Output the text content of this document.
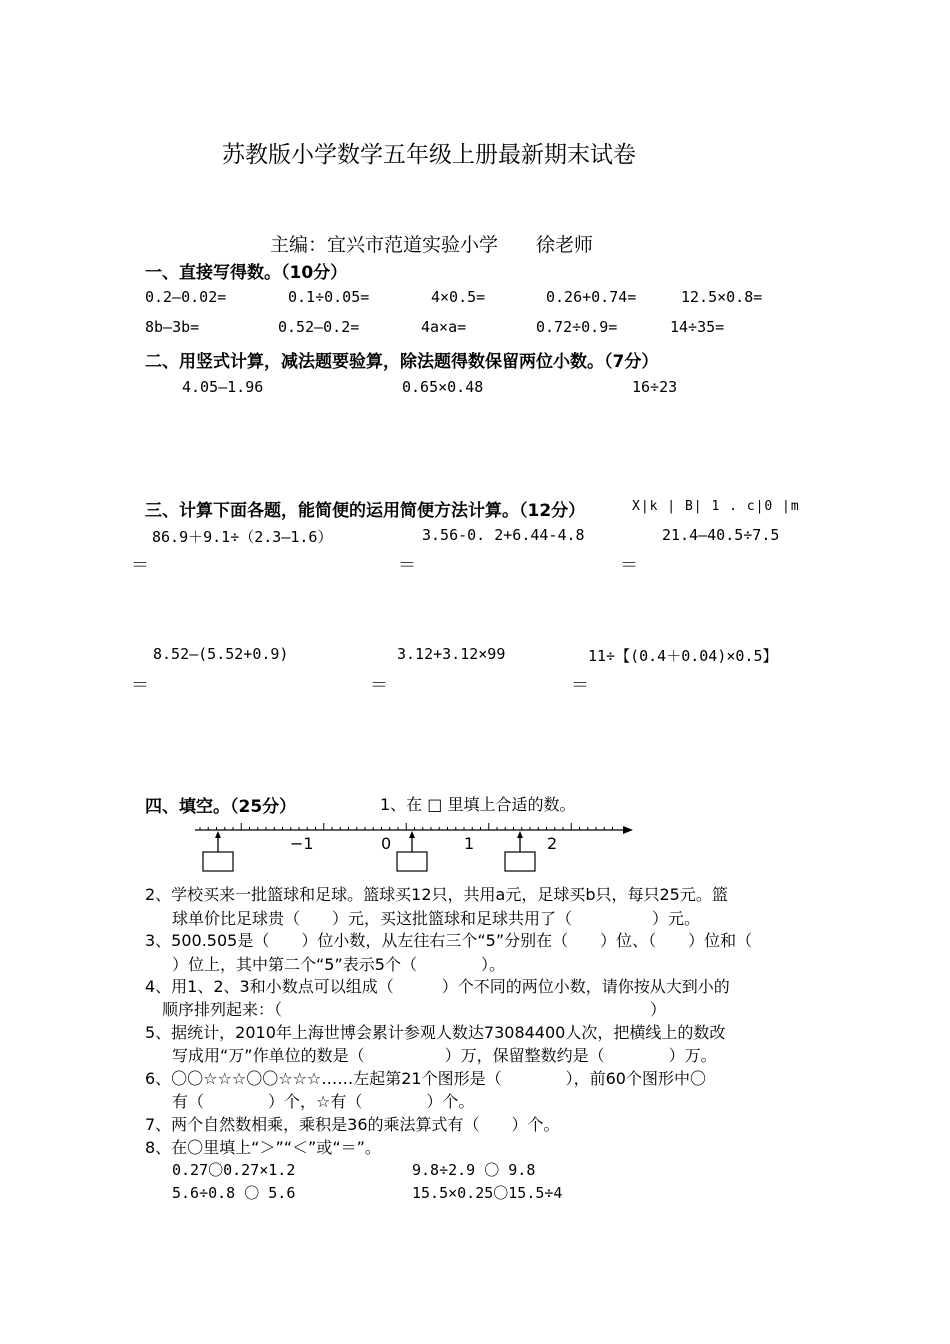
苏教版小学数学五年级上册最新期末试卷
主编：宜兴市范道实验小学　　徐老师
一、直接写得数。（10分）
0.2—0.02=	0.1÷0.05=	4×0.5=	0.26+0.74=	12.5×0.8=
8b—3b=	0.52—0.2=	4a×a=	0.72÷0.9=	14÷35=
二、用竖式计算，减法题要验算，除法题得数保留两位小数。（7分）
4.05—1.96	0.65×0.48	16÷23
三、计算下面各题，能简便的运用简便方法计算。（12分）	X|k | B| 1 . c|0 |m
86.9＋9.1÷（2.3—1.6）	3.56-0. 2+6.44-4.8	21.4—40.5÷7.5
＝	＝	＝
8.52—(5.52+0.9)	3.12+3.12×99	11÷【(0.4＋0.04)×0.5】
＝	＝	＝
四、填空。（25分）	1、在 □ 里填上合适的数。
−1	0	1	2
2、学校买来一批篮球和足球。篮球买12只，共用a元，足球买b只，每只25元。篮
球单价比足球贵（　　）元，买这批篮球和足球共用了（　　　　　）元。
3、500.505是（　　）位小数，从左往右三个“5”分别在（　　）位、（　　）位和（
）位上，其中第二个“5”表示5个（　　　　）。
4、用1、2、3和小数点可以组成（　　　）个不同的两位小数，请你按从大到小的
顺序排列起来：（　　　　　　　　　　　　　　　　　　　　　　　）
5、据统计，2010年上海世博会累计参观人数达73084400人次，把横线上的数改
写成用“万”作单位的数是（　　　　　）万，保留整数约是（　　　　）万。
6、〇〇☆☆☆〇〇☆☆☆……左起第21个图形是（　　　　），前60个图形中〇
有（　　　　）个，☆有（　　　　）个。
7、两个自然数相乘，乘积是36的乘法算式有（　　）个。
8、在〇里填上“＞”“＜”或“＝”。
0.27〇0.27×1.2	9.8÷2.9 〇 9.8
5.6÷0.8 〇 5.6	15.5×0.25〇15.5÷4
